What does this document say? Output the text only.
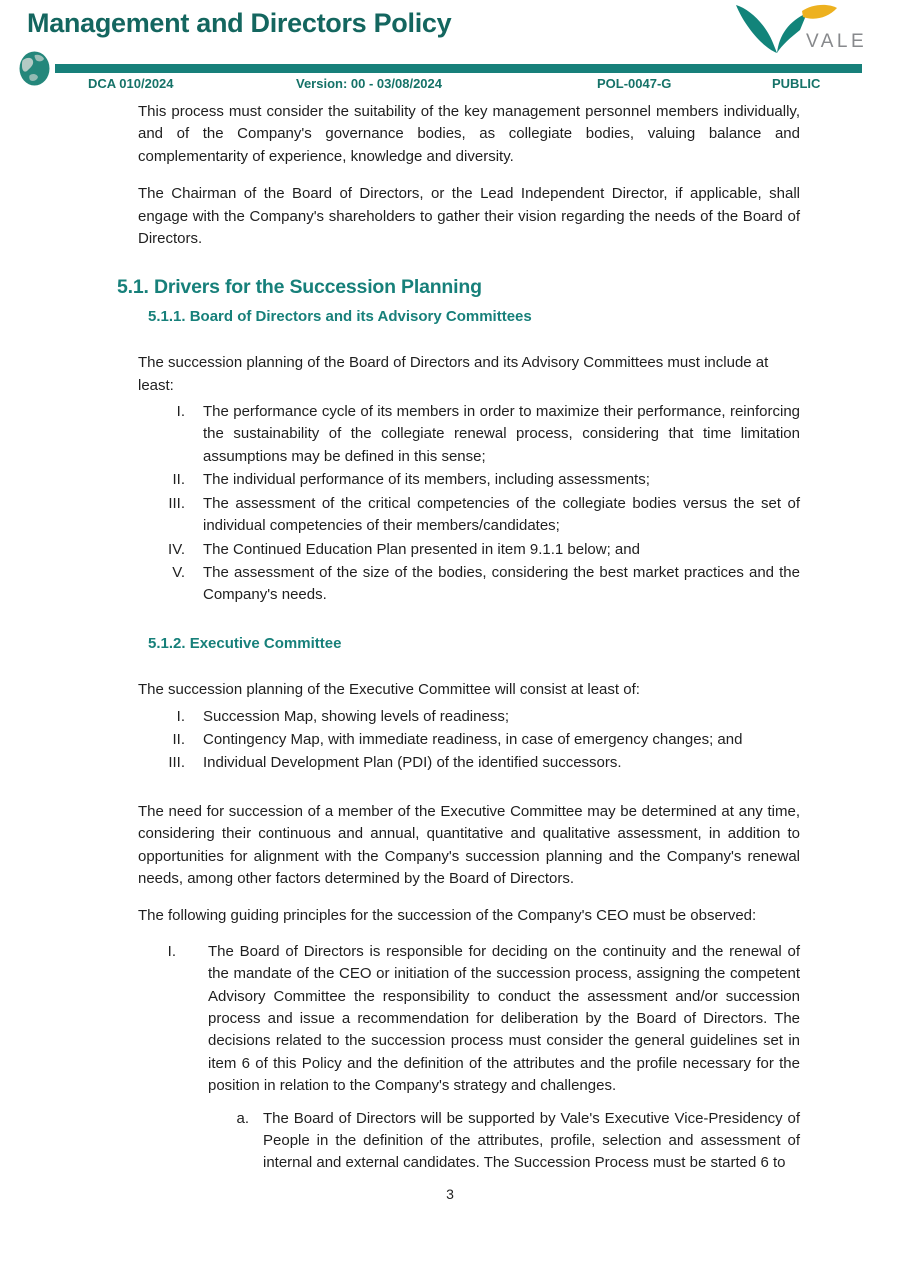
Management and Directors Policy
VALE
DCA 010/2024	Version: 00 - 03/08/2024	POL-0047-G	PUBLIC

This process must consider the suitability of the key management personnel members individually, and of the Company's governance bodies, as collegiate bodies, valuing balance and complementarity of experience, knowledge and diversity.

The Chairman of the Board of Directors, or the Lead Independent Director, if applicable, shall engage with the Company's shareholders to gather their vision regarding the needs of the Board of Directors.

5.1. Drivers for the Succession Planning
5.1.1. Board of Directors and its Advisory Committees

The succession planning of the Board of Directors and its Advisory Committees must include at least:

I.	The performance cycle of its members in order to maximize their performance, reinforcing the sustainability of the collegiate renewal process, considering that time limitation assumptions may be defined in this sense;
II.	The individual performance of its members, including assessments;
III.	The assessment of the critical competencies of the collegiate bodies versus the set of individual competencies of their members/candidates;
IV.	The Continued Education Plan presented in item 9.1.1 below; and
V.	The assessment of the size of the bodies, considering the best market practices and the Company's needs.
5.1.2. Executive Committee

The succession planning of the Executive Committee will consist at least of:

I.	Succession Map, showing levels of readiness;
II.	Contingency Map, with immediate readiness, in case of emergency changes; and
III.	Individual Development Plan (PDI) of the identified successors.

The need for succession of a member of the Executive Committee may be determined at any time, considering their continuous and annual, quantitative and qualitative assessment, in addition to opportunities for alignment with the Company's succession planning and the Company's renewal needs, among other factors determined by the Board of Directors.

The following guiding principles for the succession of the Company's CEO must be observed:

I.	The Board of Directors is responsible for deciding on the continuity and the renewal of the mandate of the CEO or initiation of the succession process, assigning the competent Advisory Committee the responsibility to conduct the assessment and/or succession process and issue a recommendation for deliberation by the Board of Directors. The decisions related to the succession process must consider the general guidelines set in item 6 of this Policy and the definition of the attributes and the profile necessary for the position in relation to the Company's strategy and challenges.
a. The Board of Directors will be supported by Vale's Executive Vice-Presidency of People in the definition of the attributes, profile, selection and assessment of internal and external candidates. The Succession Process must be started 6 to
3
